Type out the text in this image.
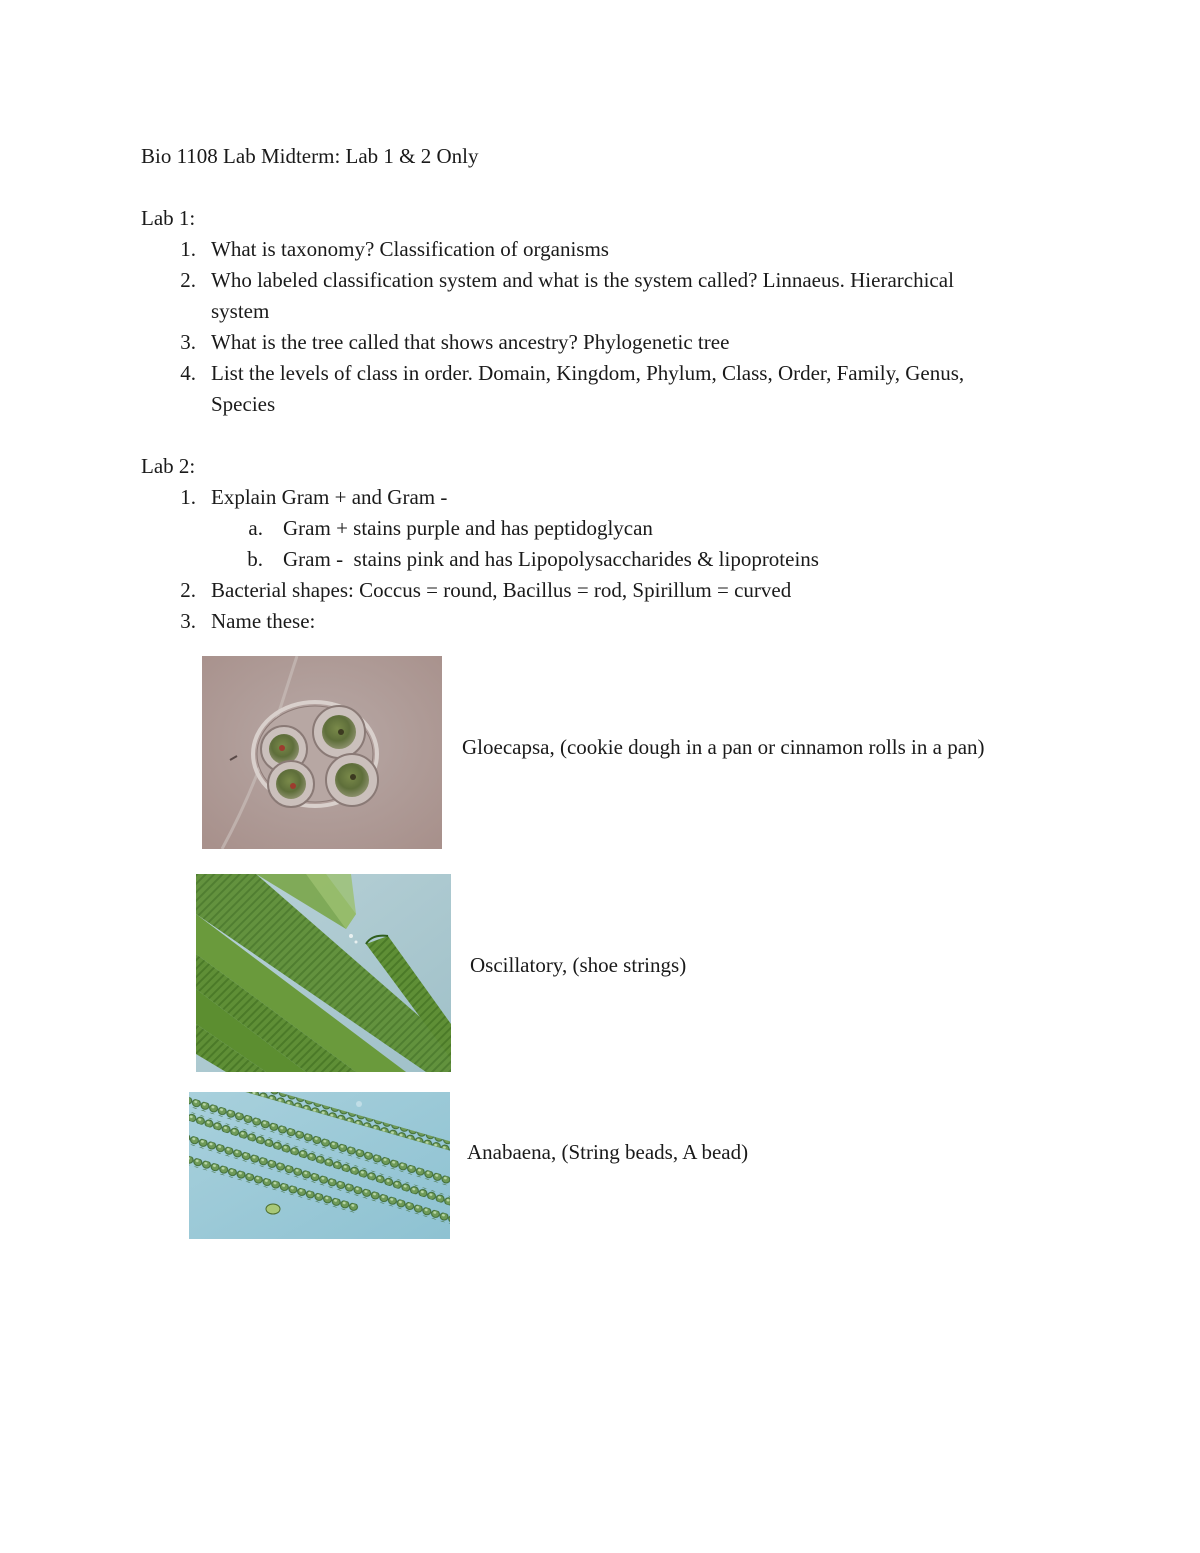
Bio 1108 Lab Midterm: Lab 1 & 2 Only
Lab 1:
1. What is taxonomy? Classification of organisms
2. Who labeled classification system and what is the system called? Linnaeus. Hierarchical
system
3. What is the tree called that shows ancestry? Phylogenetic tree
4. List the levels of class in order. Domain, Kingdom, Phylum, Class, Order, Family, Genus,
Species
Lab 2:
1. Explain Gram + and Gram -
a. Gram + stains purple and has peptidoglycan
b. Gram -  stains pink and has Lipopolysaccharides & lipoproteins
2. Bacterial shapes: Coccus = round, Bacillus = rod, Spirillum = curved
3. Name these:
Gloecapsa, (cookie dough in a pan or cinnamon rolls in a pan)
Oscillatory, (shoe strings)
Anabaena, (String beads, A bead)
